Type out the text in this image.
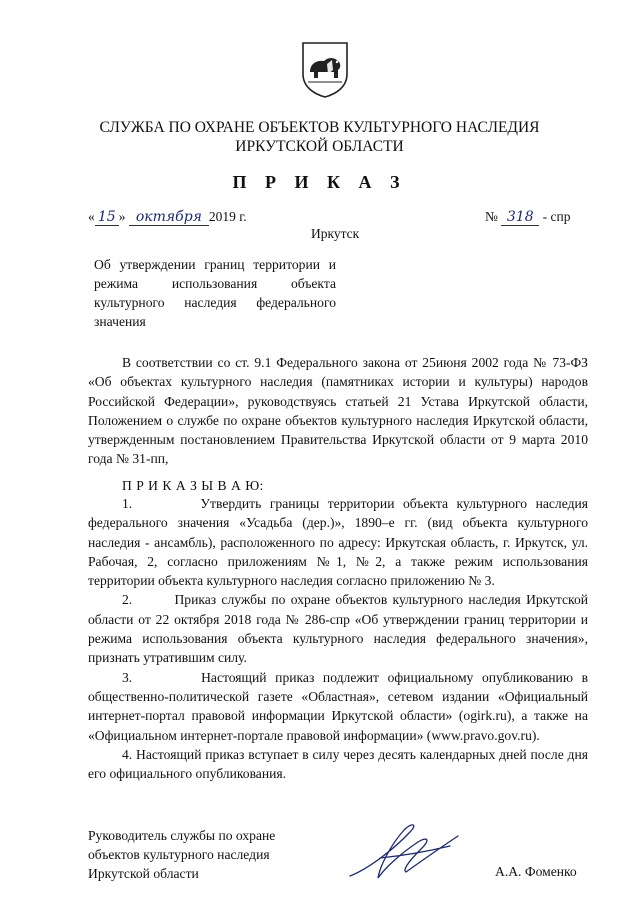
СЛУЖБА ПО ОХРАНЕ ОБЪЕКТОВ КУЛЬТУРНОГО НАСЛЕДИЯ
ИРКУТСКОЙ ОБЛАСТИ
П Р И К А З
« 15 » октября 2019 г.	№ 318 - спр
Иркутск
Об утверждении границ территории и режима использования объекта культурного наследия федерального значения

В соответствии со ст. 9.1 Федерального закона от 25июня 2002 года № 73-ФЗ «Об объектах культурного наследия (памятниках истории и культуры) народов Российской Федерации», руководствуясь статьей 21 Устава Иркутской области, Положением о службе по охране объектов культурного наследия Иркутской области, утвержденным постановлением Правительства Иркутской области от 9 марта 2010 года № 31-пп,

П Р И К А З Ы В А Ю:

1.	Утвердить границы территории объекта культурного наследия федерального значения «Усадьба (дер.)», 1890–е гг. (вид объекта культурного наследия - ансамбль), расположенного по адресу: Иркутская область, г. Иркутск, ул. Рабочая, 2, согласно приложениям №1, №2, а также режим использования территории объекта культурного наследия согласно приложению № 3.

2.	Приказ службы по охране объектов культурного наследия Иркутской области от 22 октября 2018 года № 286-спр «Об утверждении границ территории и режима использования объекта культурного наследия федерального значения», признать утратившим силу.

3.	Настоящий приказ подлежит официальному опубликованию в общественно-политической газете «Областная», сетевом издании «Официальный интернет-портал правовой информации Иркутской области» (ogirk.ru), а также на «Официальном интернет-портале правовой информации» (www.pravo.gov.ru).

4. Настоящий приказ вступает в силу через десять календарных дней после дня его официального опубликования.

Руководитель службы по охране
объектов культурного наследия
Иркутской области	А.А. Фоменко
